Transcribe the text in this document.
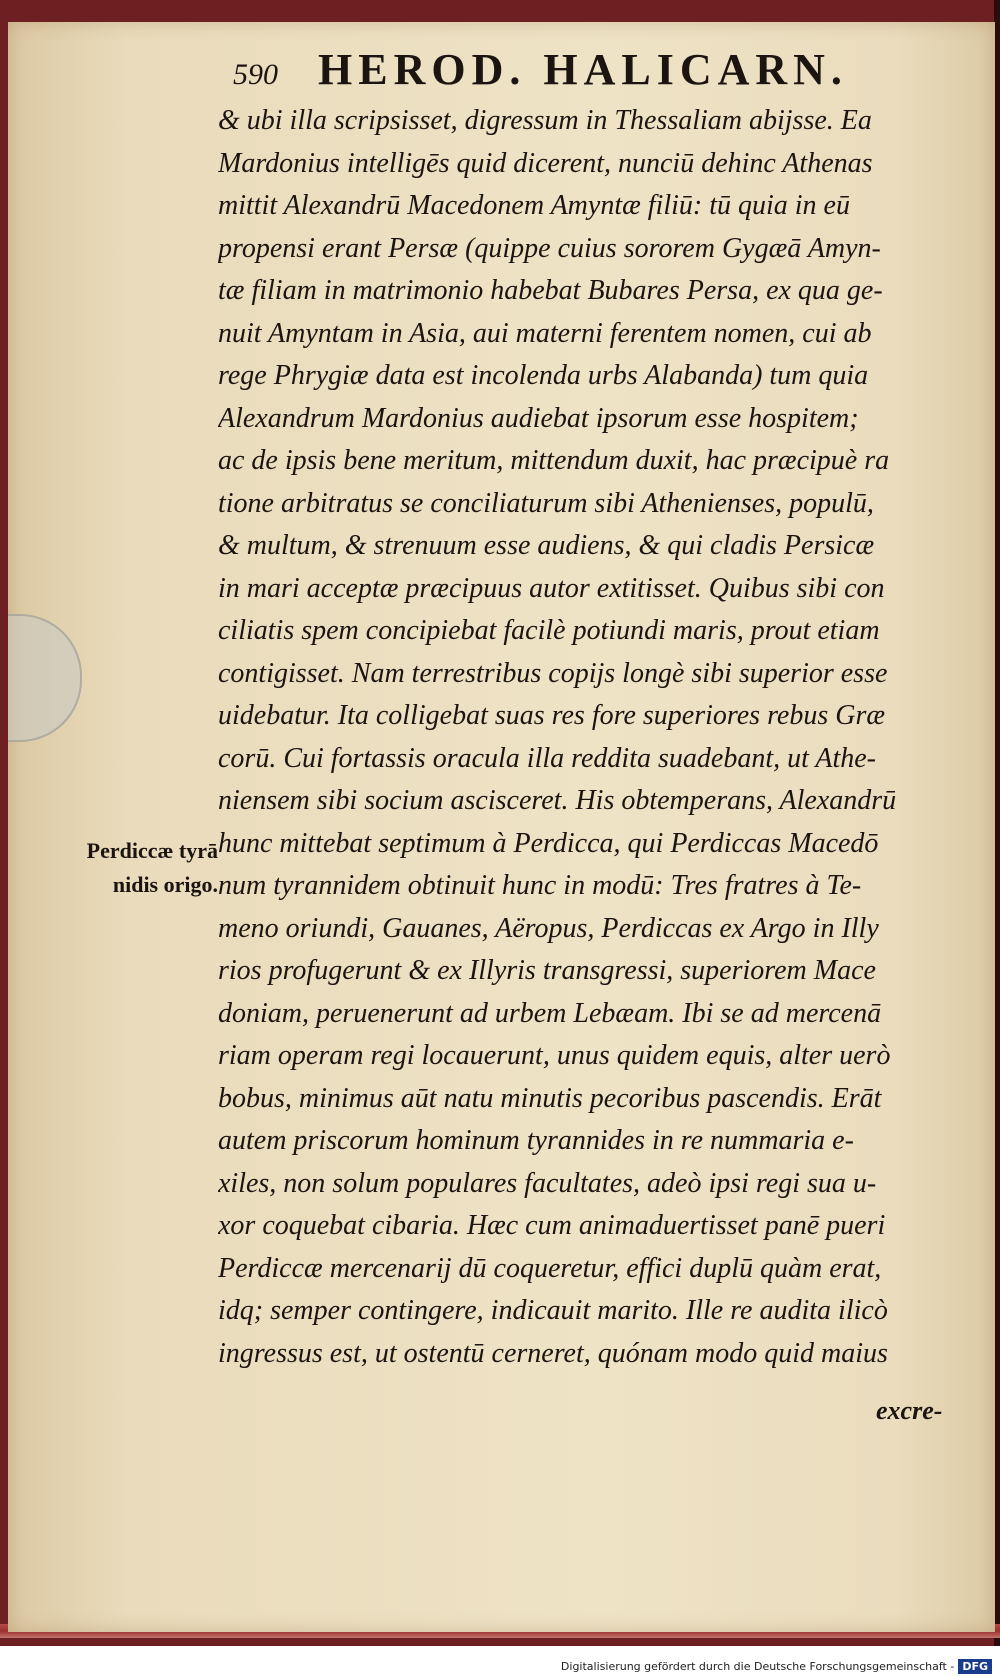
590 HEROD. HALICARN.
& ubi illa scripsisset, digressum in Thessaliam abijsse. Ea
Mardonius intelligēs quid dicerent, nunciū dehinc Athenas
mittit Alexandrū Macedonem Amyntæ filiū: tū quia in eū
propensi erant Persæ (quippe cuius sororem Gygæā Amyn-
tæ filiam in matrimonio habebat Bubares Persa, ex qua ge-
nuit Amyntam in Asia, aui materni ferentem nomen, cui ab
rege Phrygiæ data est incolenda urbs Alabanda) tum quia
Alexandrum Mardonius audiebat ipsorum esse hospitem;
ac de ipsis bene meritum, mittendum duxit, hac præcipuè ra
tione arbitratus se conciliaturum sibi Athenienses, populū,
& multum, & strenuum esse audiens, & qui cladis Persicæ
in mari acceptæ præcipuus autor extitisset. Quibus sibi con
ciliatis spem concipiebat facilè potiundi maris, prout etiam
contigisset. Nam terrestribus copijs longè sibi superior esse
uidebatur. Ita colligebat suas res fore superiores rebus Græ
corū. Cui fortassis oracula illa reddita suadebant, ut Athe-
niensem sibi socium ascisceret. His obtemperans, Alexandrū
hunc mittebat septimum à Perdicca, qui Perdiccas Macedō
num tyrannidem obtinuit hunc in modū: Tres fratres à Te-
meno oriundi, Gauanes, Aëropus, Perdiccas ex Argo in Illy
rios profugerunt & ex Illyris transgressi, superiorem Mace
doniam, peruenerunt ad urbem Lebæam. Ibi se ad mercenā
riam operam regi locauerunt, unus quidem equis, alter uerò
bobus, minimus aūt natu minutis pecoribus pascendis. Erāt
autem priscorum hominum tyrannides in re nummaria e-
xiles, non solum populares facultates, adeò ipsi regi sua u-
xor coquebat cibaria. Hæc cum animaduertisset panē pueri
Perdiccæ mercenarij dū coqueretur, effici duplū quàm erat,
idq; semper contingere, indicauit marito. Ille re audita ilicò
ingressus est, ut ostentū cerneret, quónam modo quid maius
excre-
Perdiccæ tyrā
nidis origo.
Digitalisierung gefördert durch die Deutsche Forschungsgemeinschaft - DFG
